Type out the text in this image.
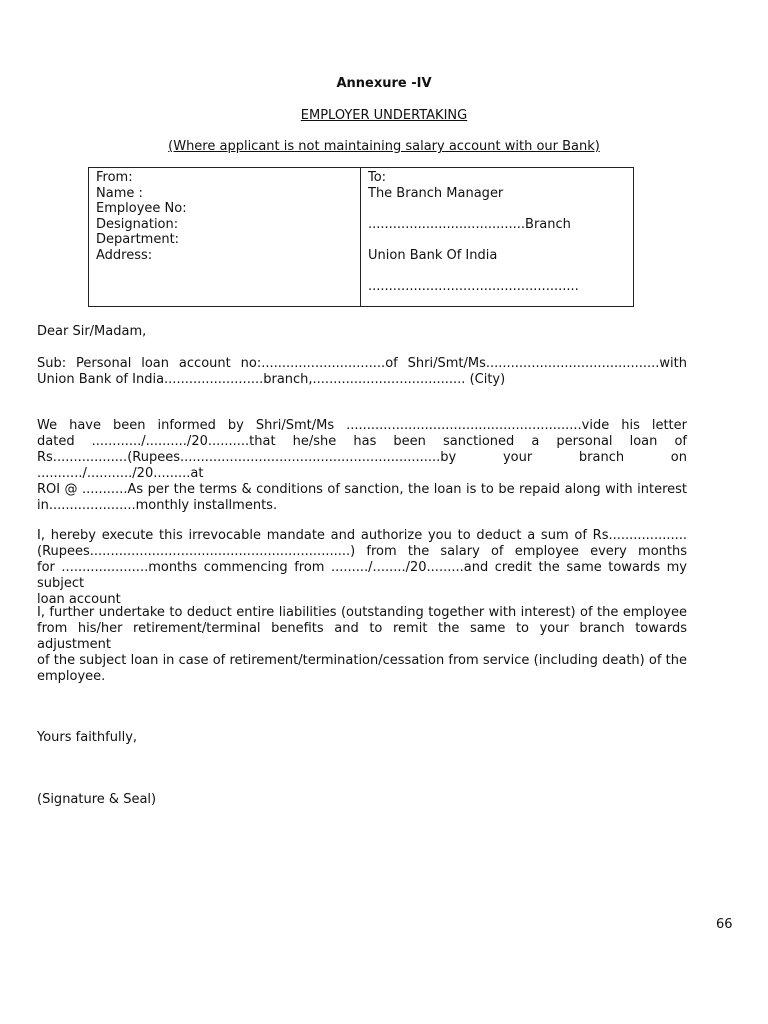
Annexure -IV
EMPLOYER UNDERTAKING
(Where applicant is not maintaining salary account with our Bank)
From:
Name :
Employee No:
Designation:
Department:
Address:
To:
The Branch Manager
......................................Branch
Union Bank Of India
...................................................
Dear Sir/Madam,
Sub: Personal loan account no:..............................of Shri/Smt/Ms..........................................with
Union Bank of India........................branch,..................................... (City)
We have been informed by Shri/Smt/Ms .........................................................vide his letter
dated ............/........../20..........that he/she has been sanctioned a personal loan of
Rs..................(Rupees...............................................................by your branch on .........../.........../20.........at
ROI @ ...........As per the terms & conditions of sanction, the loan is to be repaid along with interest
in.....................monthly installments.
I, hereby execute this irrevocable mandate and authorize you to deduct a sum of Rs...................
(Rupees...............................................................) from the salary of employee every months
for .....................months commencing from ........./......../20.........and credit the same towards my subject
loan account
I, further undertake to deduct entire liabilities (outstanding together with interest) of the employee
from his/her retirement/terminal benefits and to remit the same to your branch towards adjustment
of the subject loan in case of retirement/termination/cessation from service (including death) of the
employee.
Yours faithfully,
(Signature & Seal)
66
